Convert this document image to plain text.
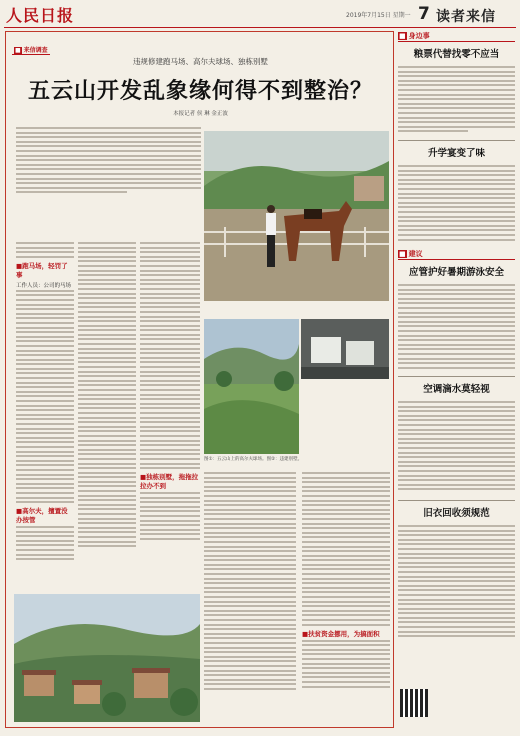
人民日报	2019年7月15日 星期一 7 读者来信
■ 来信调查
违规修建跑马场、高尔夫球场、独栋别墅
五云山开发乱象缘何得不到整治？
本报记者 侯 琳 金正波
■跑马场，轻罚了事
工作人员：公司的马场
■高尔夫，擅置没办按管
■独栋别墅，拖拖拉拉办不到
图①：五云山上的高尔夫球场。图②：违建别墅。
■扶贫资金挪用，为搞面积
■ 身边事
粮票代替找零不应当
升学宴变了味
■ 建议
应管护好暑期游泳安全
空调滴水莫轻视
旧衣回收须规范
